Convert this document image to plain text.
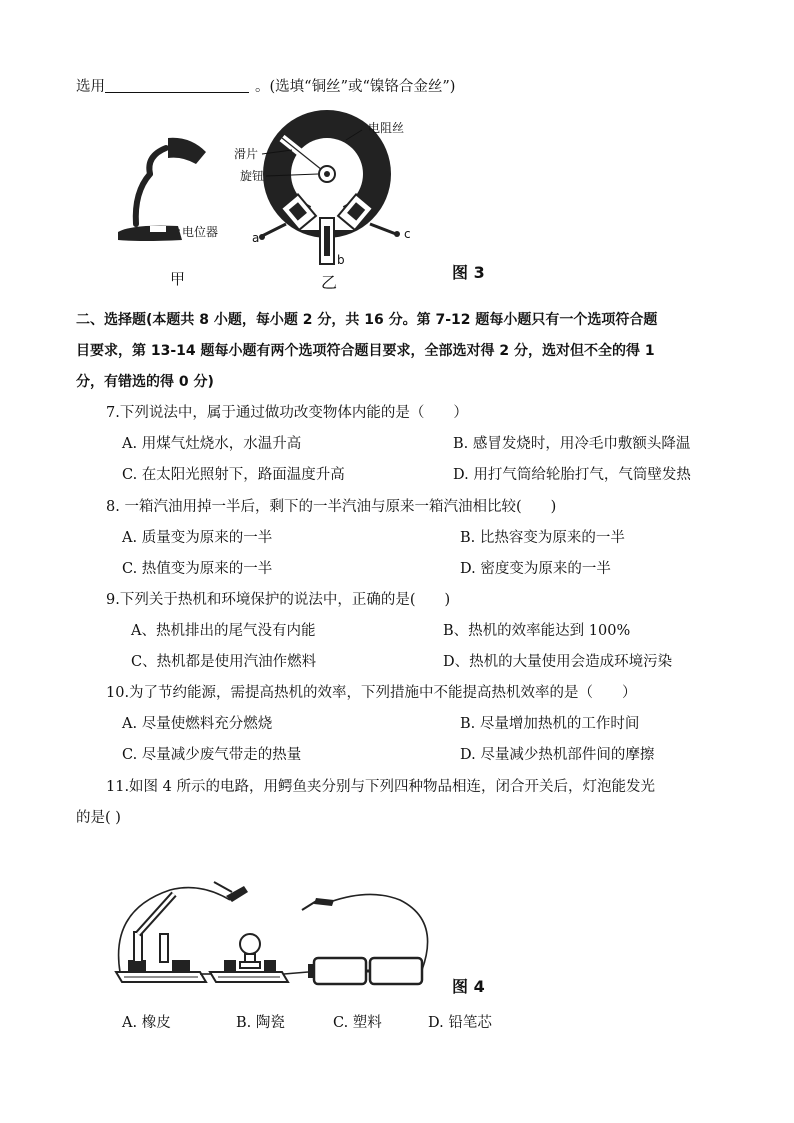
选用	。(选填“铜丝”或“镍铬合金丝”)
电位器
甲
电阻丝
滑片
旋钮
a
b
c
乙
图 3
二、选择题(本题共 8 小题，每小题 2 分，共 16 分。第 7-12 题每小题只有一个选项符合题
目要求，第 13-14 题每小题有两个选项符合题目要求，全部选对得 2 分，选对但不全的得 1
分，有错选的得 0 分)
7.下列说法中，属于通过做功改变物体内能的是（　　）
A. 用煤气灶烧水，水温升高	B. 感冒发烧时，用冷毛巾敷额头降温
C. 在太阳光照射下，路面温度升高	D. 用打气筒给轮胎打气，气筒壁发热
8. 一箱汽油用掉一半后，剩下的一半汽油与原来一箱汽油相比较(　　)
A. 质量变为原来的一半	B. 比热容变为原来的一半
C. 热值变为原来的一半	D. 密度变为原来的一半
9.下列关于热机和环境保护的说法中，正确的是(　　)
A、热机排出的尾气没有内能	B、热机的效率能达到 100%
C、热机都是使用汽油作燃料	D、热机的大量使用会造成环境污染
10.为了节约能源，需提高热机的效率，下列措施中不能提高热机效率的是（　　）
A. 尽量使燃料充分燃烧	B. 尽量增加热机的工作时间
C. 尽量减少废气带走的热量	D. 尽量减少热机部件间的摩擦
11.如图 4 所示的电路，用鳄鱼夹分别与下列四种物品相连，闭合开关后，灯泡能发光
的是( )
图 4
A. 橡皮	B. 陶瓷	C. 塑料	D. 铅笔芯
